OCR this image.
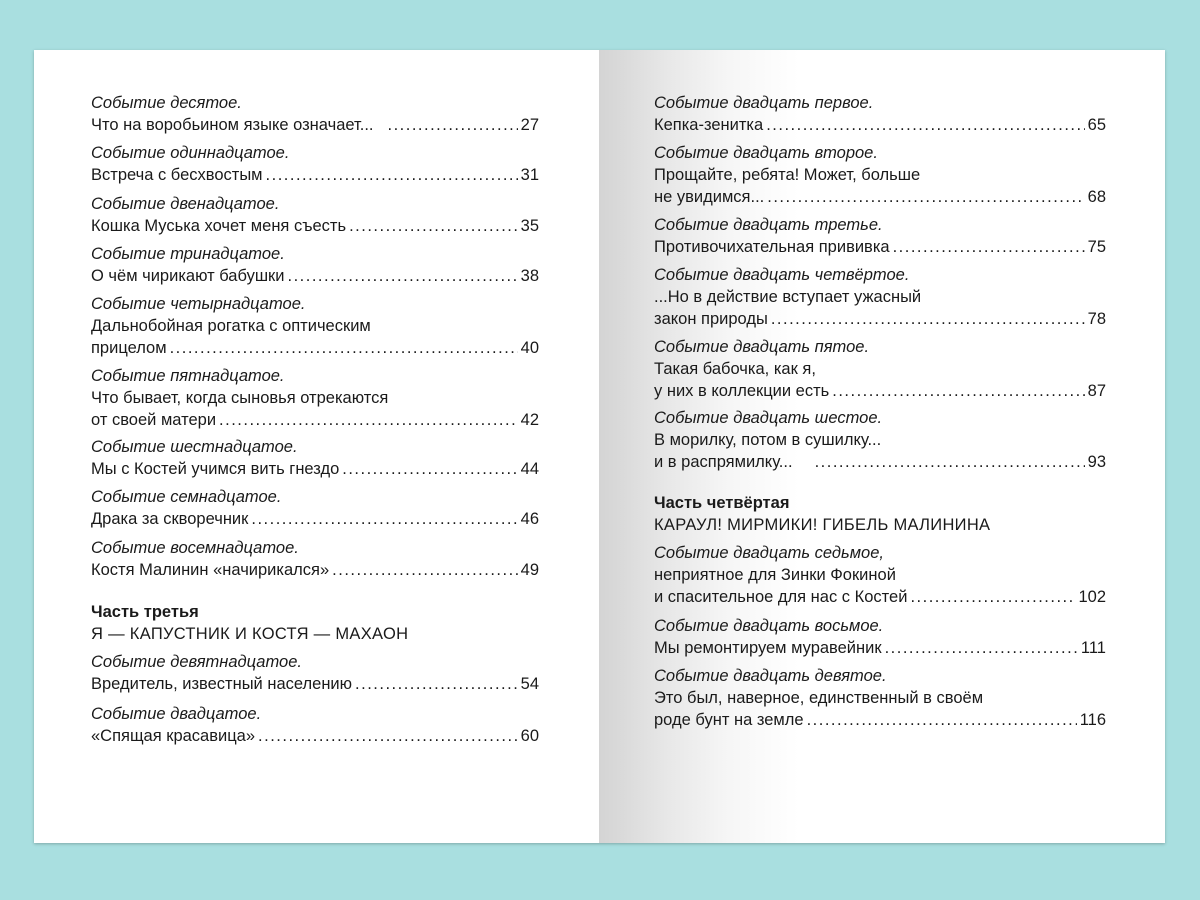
Событие десятое.
Что на воробьином языке означает... .....	27
Событие одиннадцатое.
Встреча с бесхвостым .....	31
Событие двенадцатое.
Кошка Муська хочет меня съесть .....	35
Событие тринадцатое.
О чём чирикают бабушки .....	38
Событие четырнадцатое.
Дальнобойная рогатка с оптическим
прицелом .....	40
Событие пятнадцатое.
Что бывает, когда сыновья отрекаются
от своей матери .....	42
Событие шестнадцатое.
Мы с Костей учимся вить гнездо .....	44
Событие семнадцатое.
Драка за скворечник .....	46
Событие восемнадцатое.
Костя Малинин «начирикался» .....	49
Часть третья
Я — КАПУСТНИК И КОСТЯ — МАХАОН
Событие девятнадцатое.
Вредитель, известный населению .....	54
Событие двадцатое.
«Спящая красавица» .....	60
Событие двадцать первое.
Кепка-зенитка .....	65
Событие двадцать второе.
Прощайте, ребята! Может, больше
не увидимся... .....	68
Событие двадцать третье.
Противочихательная прививка .....	75
Событие двадцать четвёртое.
...Но в действие вступает ужасный
закон природы .....	78
Событие двадцать пятое.
Такая бабочка, как я,
у них в коллекции есть .....	87
Событие двадцать шестое.
В морилку, потом в сушилку...
и в распрямилку... .....	93
Часть четвёртая
КАРАУЛ! МИРМИКИ! ГИБЕЛЬ МАЛИНИНА
Событие двадцать седьмое,
неприятное для Зинки Фокиной
и спасительное для нас с Костей .....	102
Событие двадцать восьмое.
Мы ремонтируем муравейник .....	111
Событие двадцать девятое.
Это был, наверное, единственный в своём
роде бунт на земле .....	116
